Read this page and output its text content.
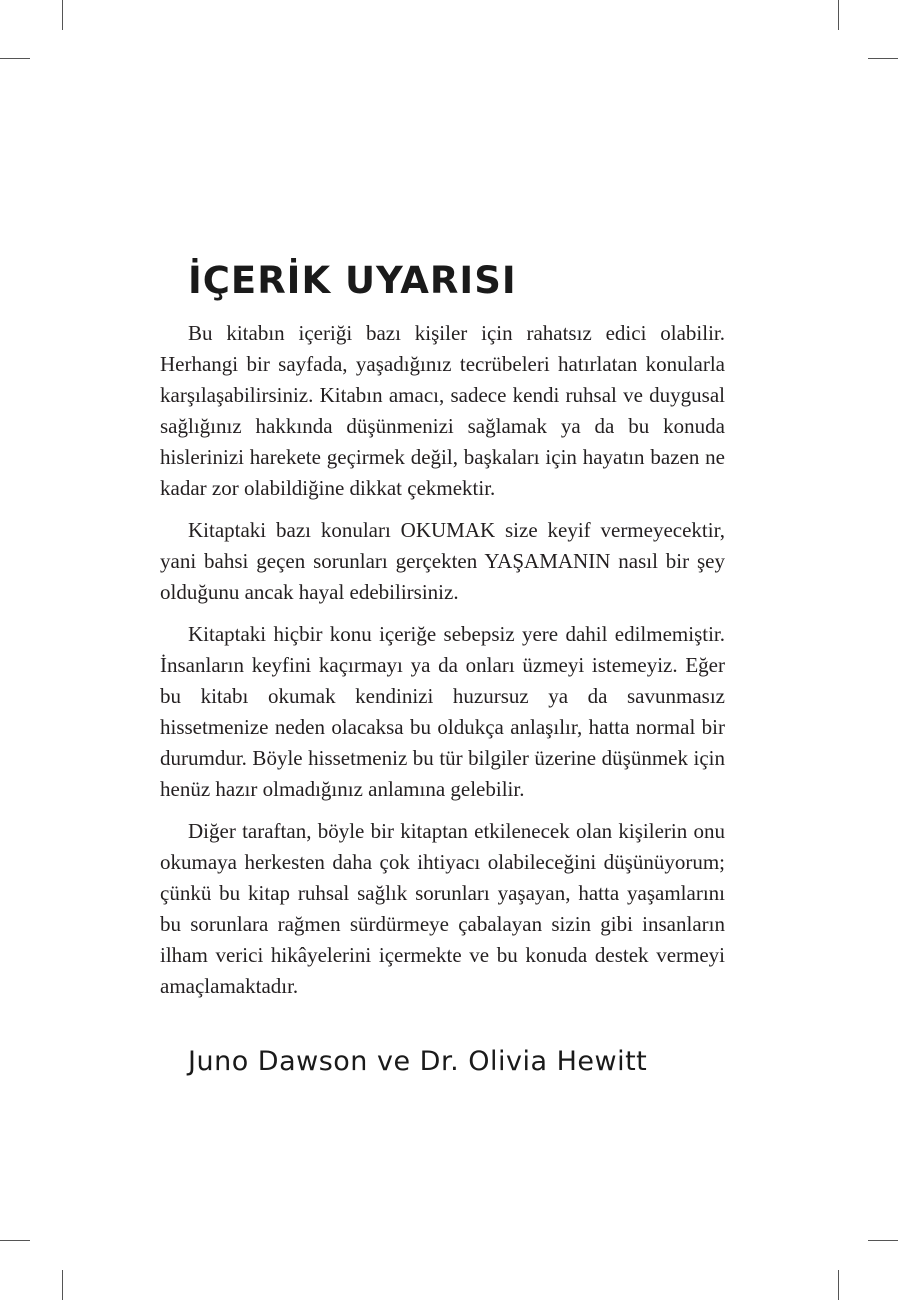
İÇERİK UYARISI

Bu kitabın içeriği bazı kişiler için rahatsız edici olabilir. Herhangi bir sayfada, yaşadığınız tecrübeleri hatırlatan konularla karşılaşabilirsiniz. Kitabın amacı, sadece kendi ruhsal ve duygusal sağlığınız hakkında düşünmenizi sağlamak ya da bu konuda hislerinizi harekete geçirmek değil, başkaları için hayatın bazen ne kadar zor olabildiğine dikkat çekmektir.

Kitaptaki bazı konuları OKUMAK size keyif vermeyecektir, yani bahsi geçen sorunları gerçekten YAŞAMANIN nasıl bir şey olduğunu ancak hayal edebilirsiniz.

Kitaptaki hiçbir konu içeriğe sebepsiz yere dahil edilmemiştir. İnsanların keyfini kaçırmayı ya da onları üzmeyi istemeyiz. Eğer bu kitabı okumak kendinizi huzursuz ya da savunmasız hissetmenize neden olacaksa bu oldukça anlaşılır, hatta normal bir durumdur. Böyle hissetmeniz bu tür bilgiler üzerine düşünmek için henüz hazır olmadığınız anlamına gelebilir.

Diğer taraftan, böyle bir kitaptan etkilenecek olan kişilerin onu okumaya herkesten daha çok ihtiyacı olabileceğini düşünüyorum; çünkü bu kitap ruhsal sağlık sorunları yaşayan, hatta yaşamlarını bu sorunlara rağmen sürdürmeye çabalayan sizin gibi insanların ilham verici hikâyelerini içermekte ve bu konuda destek vermeyi amaçlamaktadır.

Juno Dawson ve Dr. Olivia Hewitt
